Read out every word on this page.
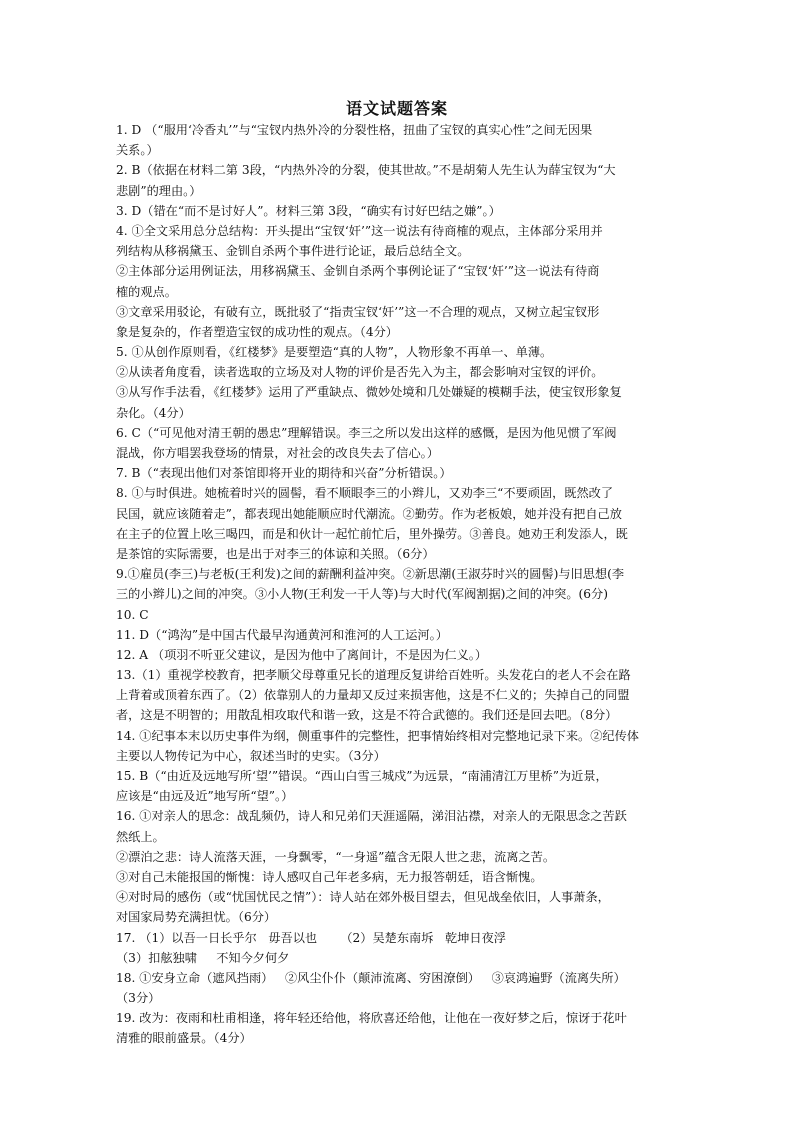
语文试题答案
1. D （“服用‘冷香丸’”与“宝钗内热外冷的分裂性格，扭曲了宝钗的真实心性”之间无因果
关系。）
2. B（依据在材料二第 3段，“内热外冷的分裂，使其世故。”不是胡菊人先生认为薛宝钗为“大
悲剧”的理由。）
3. D（错在“而不是讨好人”。材料三第 3段，“确实有讨好巴结之嫌”。）
4. ①全文采用总分总结构：开头提出“宝钗‘奸’”这一说法有待商榷的观点，主体部分采用并
列结构从移祸黛玉、金钏自杀两个事件进行论证，最后总结全文。
②主体部分运用例证法，用移祸黛玉、金钏自杀两个事例论证了“宝钗‘奸’”这一说法有待商
榷的观点。
③文章采用驳论，有破有立，既批驳了“指责宝钗‘奸’”这一不合理的观点，又树立起宝钗形
象是复杂的，作者塑造宝钗的成功性的观点。（4分）
5. ①从创作原则看，《红楼梦》是要塑造“真的人物”，人物形象不再单一、单薄。
②从读者角度看，读者选取的立场及对人物的评价是否先入为主，都会影响对宝钗的评价。
③从写作手法看，《红楼梦》运用了严重缺点、微妙处境和几处嫌疑的模糊手法，使宝钗形象复
杂化。（4分）
6. C（“可见他对清王朝的愚忠”理解错误。李三之所以发出这样的感慨，是因为他见惯了军阀
混战，你方唱罢我登场的情景，对社会的改良失去了信心。）
7. B（“表现出他们对茶馆即将开业的期待和兴奋”分析错误。）
8. ①与时俱进。她梳着时兴的圆髻，看不顺眼李三的小辫儿，又劝李三“不要顽固，既然改了
民国，就应该随着走”，都表现出她能顺应时代潮流。②勤劳。作为老板娘，她并没有把自己放
在主子的位置上吆三喝四，而是和伙计一起忙前忙后，里外操劳。③善良。她劝王利发添人，既
是茶馆的实际需要，也是出于对李三的体谅和关照。（6分）
9.①雇员(李三)与老板(王利发)之间的薪酬利益冲突。②新思潮(王淑芬时兴的圆髻)与旧思想(李
三的小辫儿)之间的冲突。③小人物(王利发一干人等)与大时代(军阀割据)之间的冲突。(6分)
10. C
11. D（“鸿沟”是中国古代最早沟通黄河和淮河的人工运河。）
12. A （项羽不听亚父建议，是因为他中了离间计，不是因为仁义。）
13.（1）重视学校教育，把孝顺父母尊重兄长的道理反复讲给百姓听。头发花白的老人不会在路
上背着或顶着东西了。（2）依靠别人的力量却又反过来损害他，这是不仁义的；失掉自己的同盟
者，这是不明智的；用散乱相攻取代和谐一致，这是不符合武德的。我们还是回去吧。（8分）
14. ①纪事本末以历史事件为纲，侧重事件的完整性，把事情始终相对完整地记录下来。②纪传体
主要以人物传记为中心，叙述当时的史实。（3分）
15. B（“由近及远地写所‘望’”错误。“西山白雪三城戍”为远景，“南浦清江万里桥”为近景，
应该是“由远及近”地写所“望”。）
16. ①对亲人的思念：战乱频仍，诗人和兄弟们天涯遥隔，涕泪沾襟，对亲人的无限思念之苦跃
然纸上。
②漂泊之悲：诗人流落天涯，一身飘零，“一身遥”蕴含无限人世之悲，流离之苦。
③对自己未能报国的惭愧：诗人感叹自己年老多病，无力报答朝廷，语含惭愧。
④对时局的感伤（或“忧国忧民之情”）：诗人站在郊外极目望去，但见战垒依旧，人事萧条，
对国家局势充满担忧。（6分）
17. （1）以吾一日长乎尔   毋吾以也      （2）吴楚东南坼   乾坤日夜浮
（3）扣舷独啸     不知今夕何夕
18. ①安身立命（遮风挡雨）   ②风尘仆仆（颠沛流离、穷困潦倒）   ③哀鸿遍野（流离失所）
（3分）
19. 改为：夜雨和杜甫相逢，将年轻还给他，将欣喜还给他，让他在一夜好梦之后，惊讶于花叶
清雅的眼前盛景。（4分）
